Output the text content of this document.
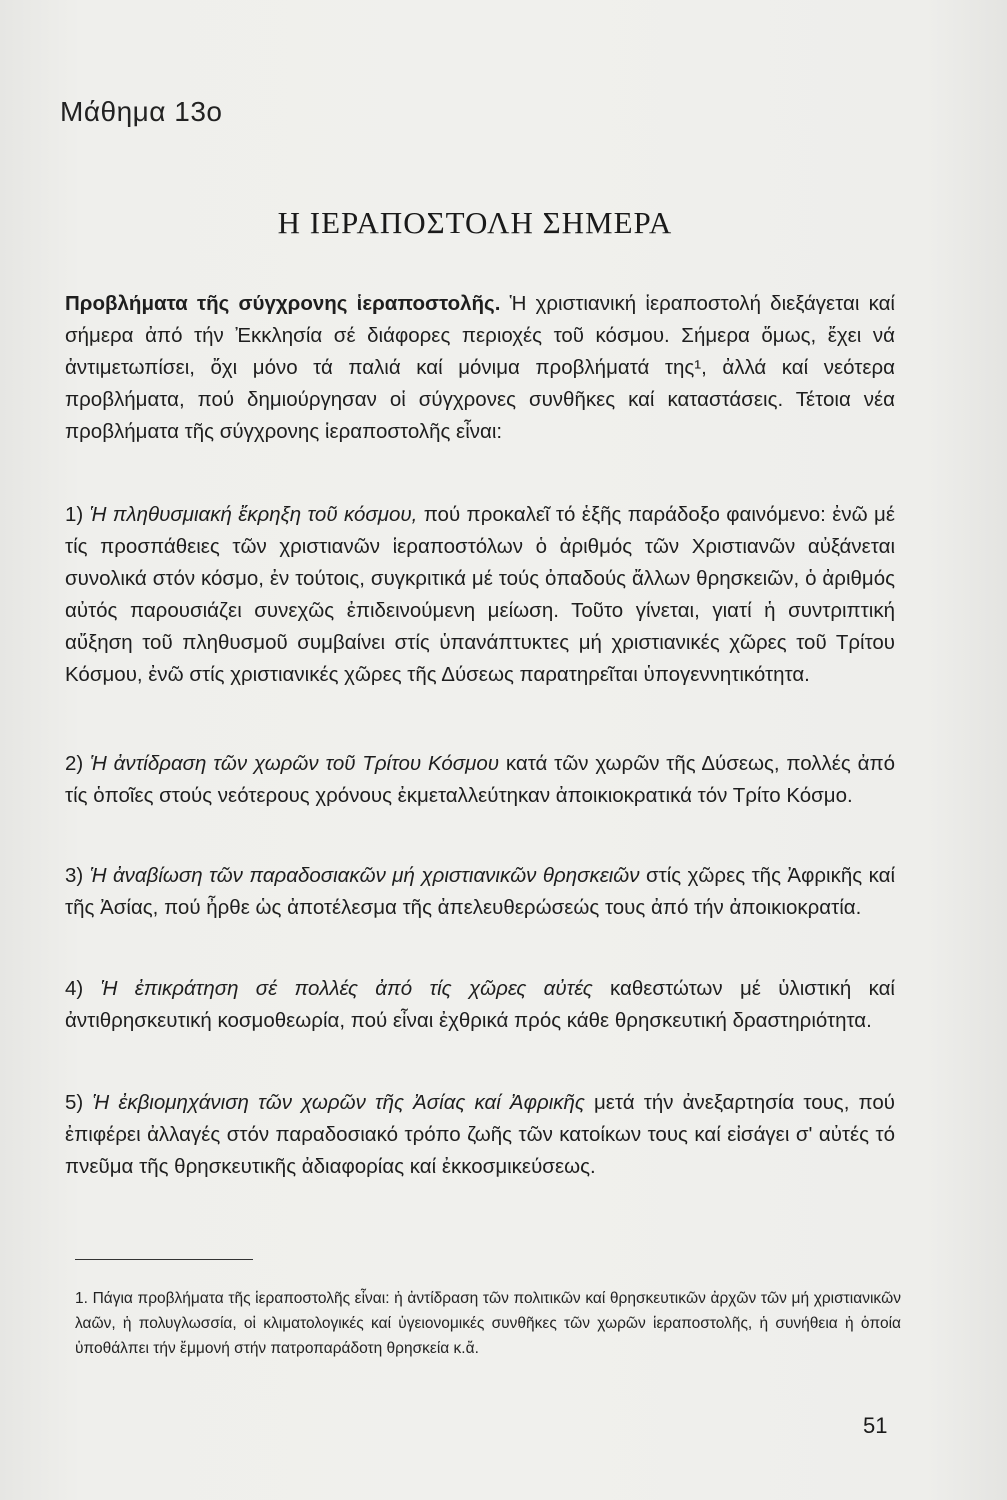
Μάθημα 13ο
Η ΙΕΡΑΠΟΣΤΟΛΗ ΣΗΜΕΡΑ
Προβλήματα τῆς σύγχρονης ἱεραποστολῆς. Ἡ χριστιανική ἱεραποστολή διεξάγεται καί σήμερα ἀπό τήν Ἐκκλησία σέ διάφορες περιοχές τοῦ κόσμου. Σήμερα ὅμως, ἔχει νά ἀντιμετωπίσει, ὄχι μόνο τά παλιά καί μόνιμα προβλήματά της¹, ἀλλά καί νεότερα προβλήματα, πού δημιούργησαν οἱ σύγχρονες συνθῆκες καί καταστάσεις. Τέτοια νέα προβλήματα τῆς σύγχρονης ἱεραποστολῆς εἶναι:
1) Ἡ πληθυσμιακή ἔκρηξη τοῦ κόσμου, πού προκαλεῖ τό ἑξῆς παράδοξο φαινόμενο: ἐνῶ μέ τίς προσπάθειες τῶν χριστιανῶν ἱεραποστόλων ὁ ἀριθμός τῶν Χριστιανῶν αὐξάνεται συνολικά στόν κόσμο, ἐν τούτοις, συγκριτικά μέ τούς ὀπαδούς ἄλλων θρησκειῶν, ὁ ἀριθμός αὐτός παρουσιάζει συνεχῶς ἐπιδεινούμενη μείωση. Τοῦτο γίνεται, γιατί ἡ συντριπτική αὔξηση τοῦ πληθυσμοῦ συμβαίνει στίς ὑπανάπτυκτες μή χριστιανικές χῶρες τοῦ Τρίτου Κόσμου, ἐνῶ στίς χριστιανικές χῶρες τῆς Δύσεως παρατηρεῖται ὑπογεννητικότητα.
2) Ἡ ἀντίδραση τῶν χωρῶν τοῦ Τρίτου Κόσμου κατά τῶν χωρῶν τῆς Δύσεως, πολλές ἀπό τίς ὁποῖες στούς νεότερους χρόνους ἐκμεταλλεύτηκαν ἀποικιοκρατικά τόν Τρίτο Κόσμο.
3) Ἡ ἀναβίωση τῶν παραδοσιακῶν μή χριστιανικῶν θρησκειῶν στίς χῶρες τῆς Ἀφρικῆς καί τῆς Ἀσίας, πού ἦρθε ὡς ἀποτέλεσμα τῆς ἀπελευθερώσεώς τους ἀπό τήν ἀποικιοκρατία.
4) Ἡ ἐπικράτηση σέ πολλές ἀπό τίς χῶρες αὐτές καθεστώτων μέ ὑλιστική καί ἀντιθρησκευτική κοσμοθεωρία, πού εἶναι ἐχθρικά πρός κάθε θρησκευτική δραστηριότητα.
5) Ἡ ἐκβιομηχάνιση τῶν χωρῶν τῆς Ἀσίας καί Ἀφρικῆς μετά τήν ἀνεξαρτησία τους, πού ἐπιφέρει ἀλλαγές στόν παραδοσιακό τρόπο ζωῆς τῶν κατοίκων τους καί εἰσάγει σ' αὐτές τό πνεῦμα τῆς θρησκευτικῆς ἀδιαφορίας καί ἐκκοσμικεύσεως.
1. Πάγια προβλήματα τῆς ἱεραποστολῆς εἶναι: ἡ ἀντίδραση τῶν πολιτικῶν καί θρησκευτικῶν ἀρχῶν τῶν μή χριστιανικῶν λαῶν, ἡ πολυγλωσσία, οἱ κλιματολογικές καί ὑγειονομικές συνθῆκες τῶν χωρῶν ἱεραποστολῆς, ἡ συνήθεια ἡ ὁποία ὑποθάλπει τήν ἔμμονή στήν πατροπαράδοτη θρησκεία κ.ἄ.
51
